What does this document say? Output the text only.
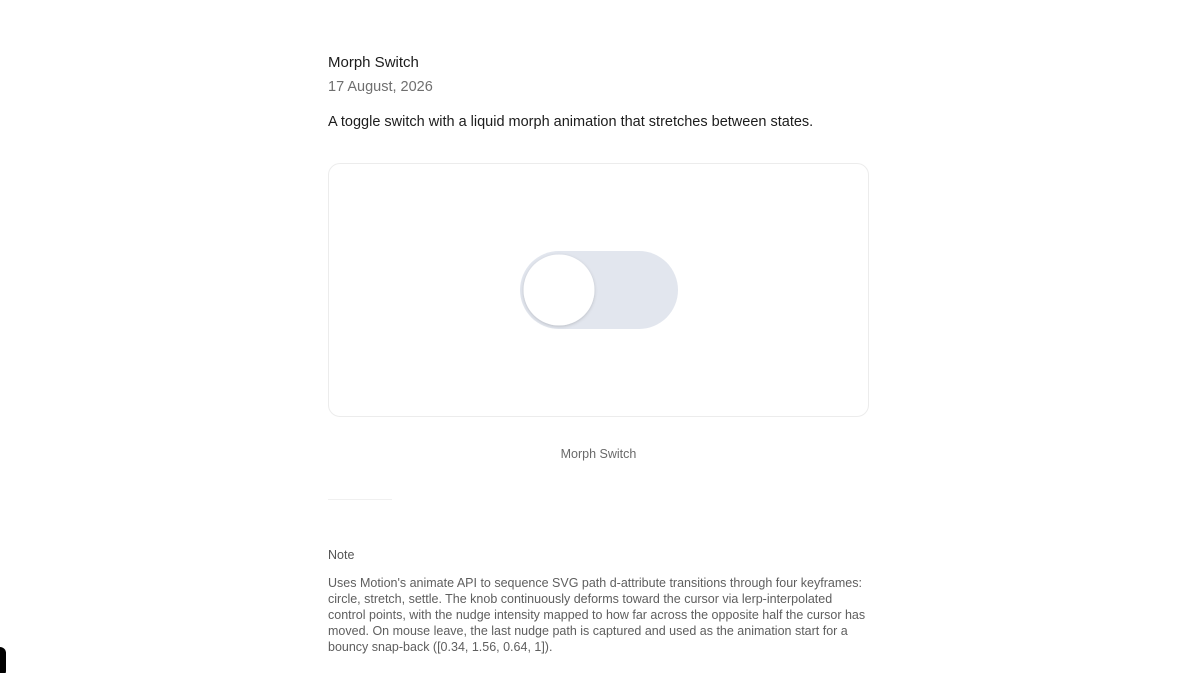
Morph Switch
17 August, 2026
A toggle switch with a liquid morph animation that stretches between states.
Morph Switch
Note
Uses Motion's animate API to sequence SVG path d-attribute transitions through four keyframes: circle, stretch, settle. The knob continuously deforms toward the cursor via lerp-interpolated control points, with the nudge intensity mapped to how far across the opposite half the cursor has moved. On mouse leave, the last nudge path is captured and used as the animation start for a bouncy snap-back ([0.34, 1.56, 0.64, 1]).
